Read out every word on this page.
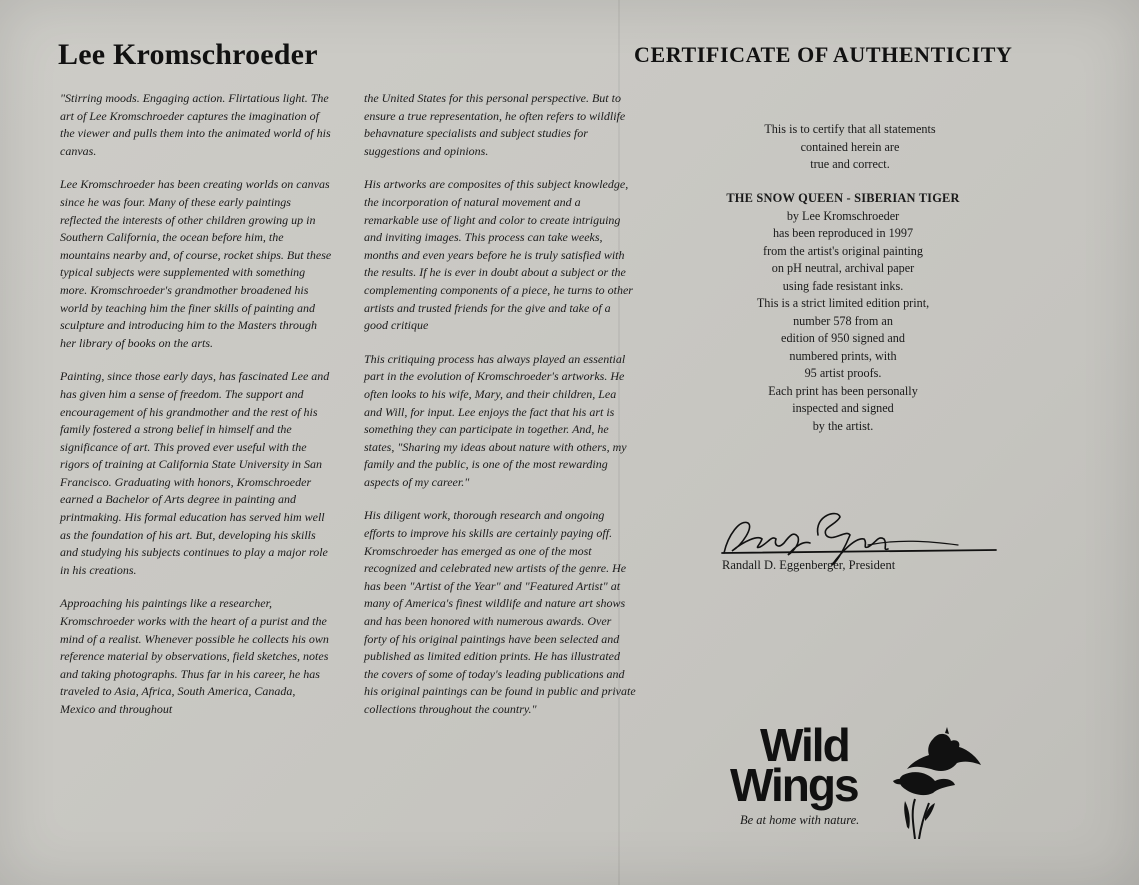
Lee Kromschroeder	CERTIFICATE OF AUTHENTICITY

"Stirring moods. Engaging action. Flirtatious light. The art of Lee Kromschroeder captures the imagination of the viewer and pulls them into the animated world of his canvas.

Lee Kromschroeder has been creating worlds on canvas since he was four. Many of these early paintings reflected the interests of other children growing up in Southern California, the ocean before him, the mountains nearby and, of course, rocket ships. But these typical subjects were supplemented with something more. Kromschroeder's grandmother broadened his world by teaching him the finer skills of painting and sculpture and introducing him to the Masters through her library of books on the arts.

Painting, since those early days, has fascinated Lee and has given him a sense of freedom. The support and encouragement of his grandmother and the rest of his family fostered a strong belief in himself and the significance of art. This proved ever useful with the rigors of training at California State University in San Francisco. Graduating with honors, Kromschroeder earned a Bachelor of Arts degree in painting and printmaking. His formal education has served him well as the foundation of his art. But, developing his skills and studying his subjects continues to play a major role in his creations.

Approaching his paintings like a researcher, Kromschroeder works with the heart of a purist and the mind of a realist. Whenever possible he collects his own reference material by observations, field sketches, notes and taking photographs. Thus far in his career, he has traveled to Asia, Africa, South America, Canada, Mexico and throughout

the United States for this personal perspective. But to ensure a true representation, he often refers to wildlife behavnature specialists and subject studies for suggestions and opinions.

His artworks are composites of this subject knowledge, the incorporation of natural movement and a remarkable use of light and color to create intriguing and inviting images. This process can take weeks, months and even years before he is truly satisfied with the results. If he is ever in doubt about a subject or the complementing components of a piece, he turns to other artists and trusted friends for the give and take of a good critique

This critiquing process has always played an essential part in the evolution of Kromschroeder's artworks. He often looks to his wife, Mary, and their children, Lea and Will, for input. Lee enjoys the fact that his art is something they can participate in together. And, he states, "Sharing my ideas about nature with others, my family and the public, is one of the most rewarding aspects of my career."

His diligent work, thorough research and ongoing efforts to improve his skills are certainly paying off. Kromschroeder has emerged as one of the most recognized and celebrated new artists of the genre. He has been "Artist of the Year" and "Featured Artist" at many of America's finest wildlife and nature art shows and has been honored with numerous awards. Over forty of his original paintings have been selected and published as limited edition prints. He has illustrated the covers of some of today's leading publications and his original paintings can be found in public and private collections throughout the country."

This is to certify that all statements
contained herein are
true and correct.
THE SNOW QUEEN - SIBERIAN TIGER
by Lee Kromschroeder
has been reproduced in 1997
from the artist's original painting
on pH neutral, archival paper
using fade resistant inks.
This is a strict limited edition print,
number 578 from an
edition of 950 signed and
numbered prints, with
95 artist proofs.
Each print has been personally
inspected and signed
by the artist.

Randall D. Eggenberger, President

Wild
Wings
Be at home with nature.
